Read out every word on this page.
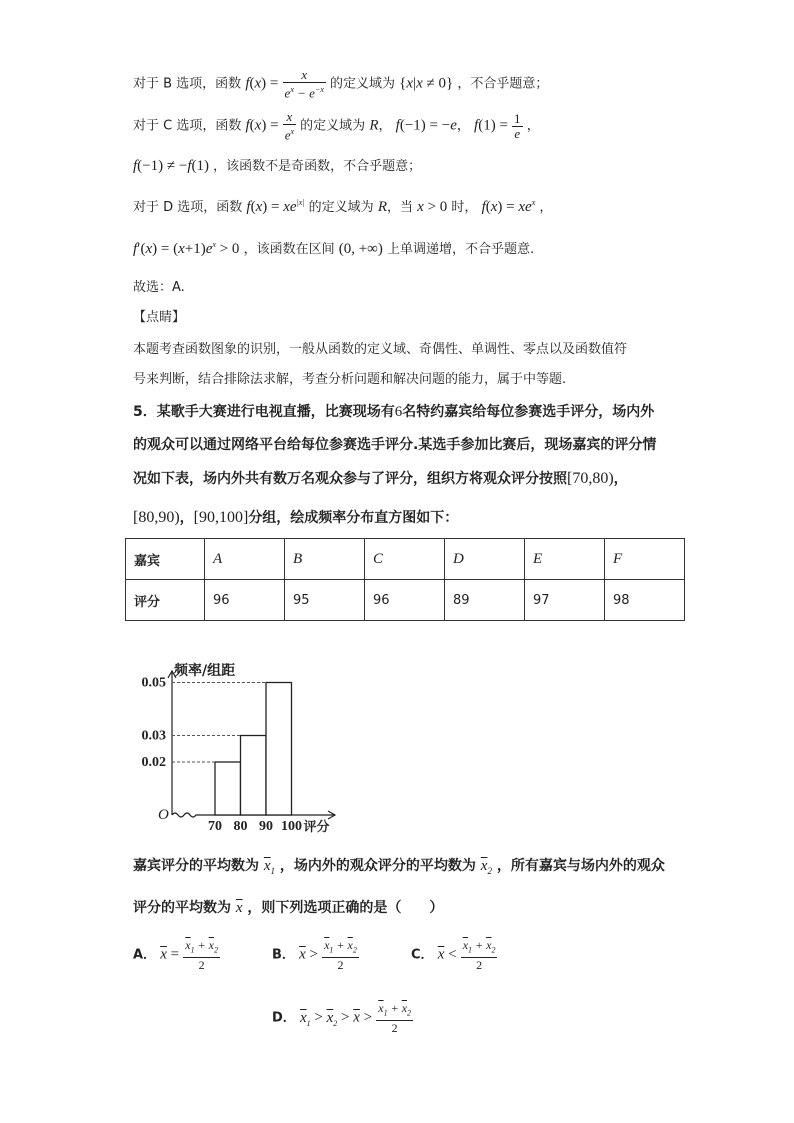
对于 B 选项，函数 $f(x) = \frac{x}{e^x - e^{-x}}$ 的定义域为 {x|x ≠ 0} ，不合乎题意；
对于 C 选项，函数 $f(x) = \frac{x}{e^x}$ 的定义域为 R， f(−1) = −e， $f(1) = \frac{1}{e}$ ，
f(−1) ≠ −f(1) ，该函数不是奇函数，不合乎题意；
对于 D 选项，函数 $f(x) = xe^{|x|}$ 的定义域为 R，当 x > 0 时， $f(x) = xe^x$ ，
$f'(x) = (x+1)e^x > 0$ ，该函数在区间 (0, +∞) 上单调递增，不合乎题意.
故选：A.
【点睛】
本题考查函数图象的识别，一般从函数的定义域、奇偶性、单调性、零点以及函数值符
号来判断，结合排除法求解，考查分析问题和解决问题的能力，属于中等题.
5．某歌手大赛进行电视直播，比赛现场有6名特约嘉宾给每位参赛选手评分，场内外
的观众可以通过网络平台给每位参赛选手评分.某选手参加比赛后，现场嘉宾的评分情
况如下表，场内外共有数万名观众参与了评分，组织方将观众评分按照[70,80)，
[80,90)，[90,100]分组，绘成频率分布直方图如下：
嘉宾	A	B	C	D	E	F
评分	96	95	96	89	97	98
0.05
0.03
0.02
70 80 90 100
O
频率/组距
评分
嘉宾评分的平均数为 $\overline{x}_1$ ，场内外的观众评分的平均数为 $\overline{x}_2$ ，所有嘉宾与场内外的观众
评分的平均数为 $\overline{x}$ ，则下列选项正确的是（　　）
A． $\overline{x} = \frac{\overline{x}_1 + \overline{x}_2}{2}$	B． $\overline{x} > \frac{\overline{x}_1 + \overline{x}_2}{2}$	C． $\overline{x} < \frac{\overline{x}_1 + \overline{x}_2}{2}$
D． $\overline{x}_1 > \overline{x}_2 > \overline{x} > \frac{\overline{x}_1 + \overline{x}_2}{2}$
